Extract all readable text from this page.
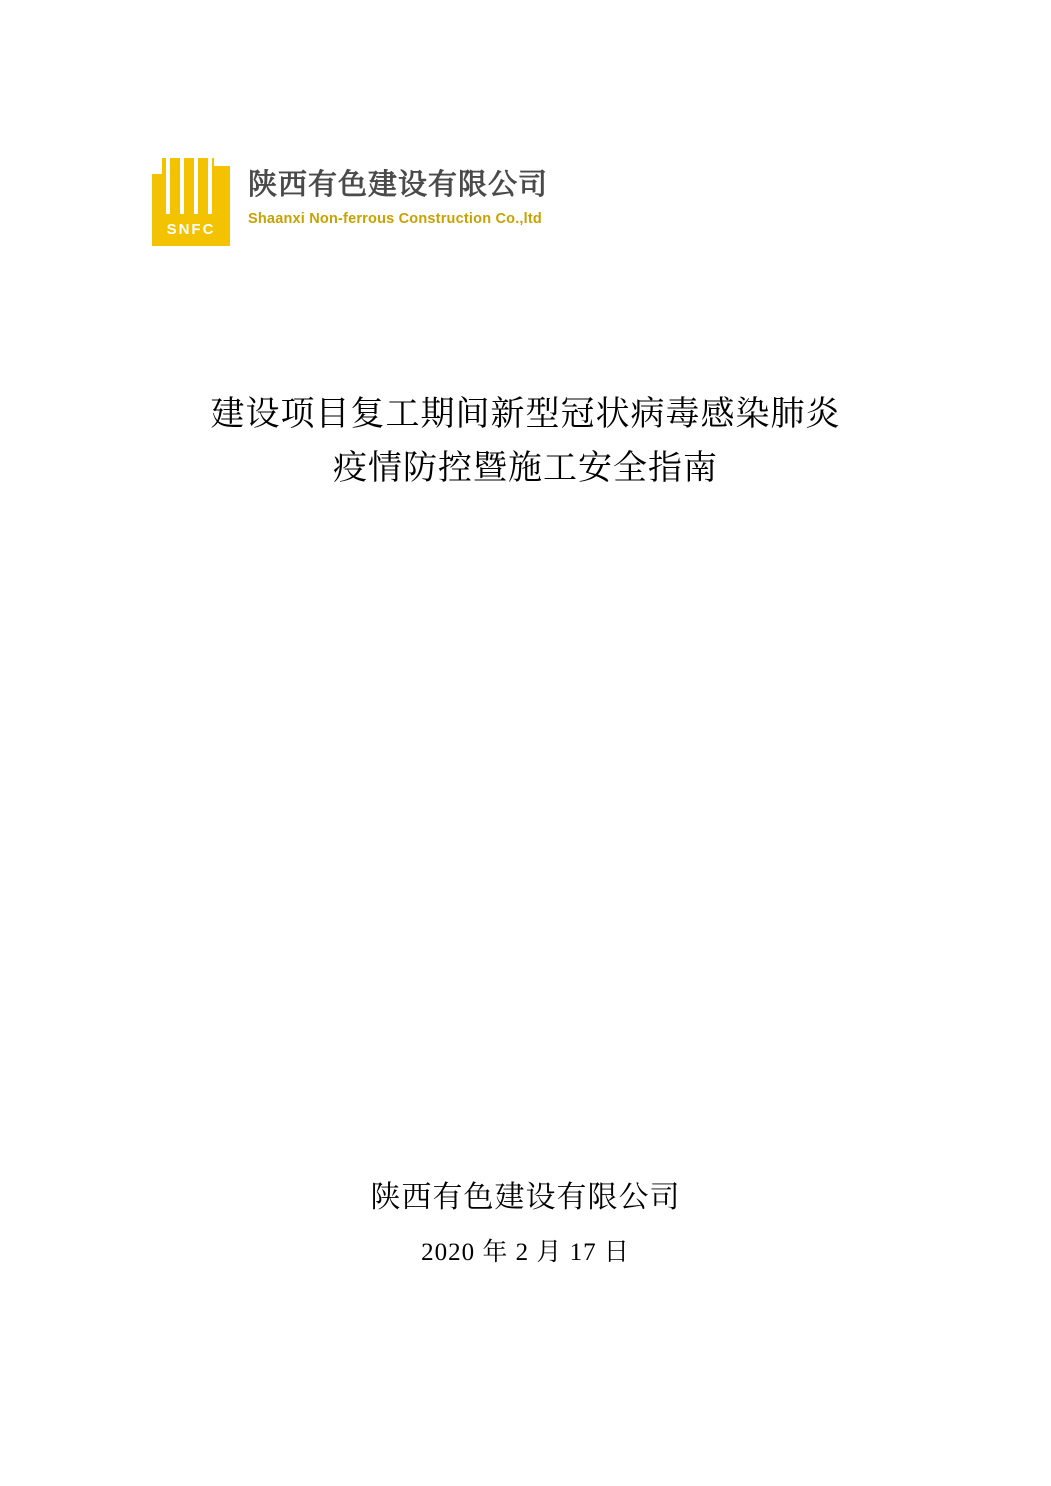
SNFC
陕西有色建设有限公司
Shaanxi Non-ferrous Construction Co.,ltd
建设项目复工期间新型冠状病毒感染肺炎
疫情防控暨施工安全指南
陕西有色建设有限公司
2020 年 2 月 17 日
